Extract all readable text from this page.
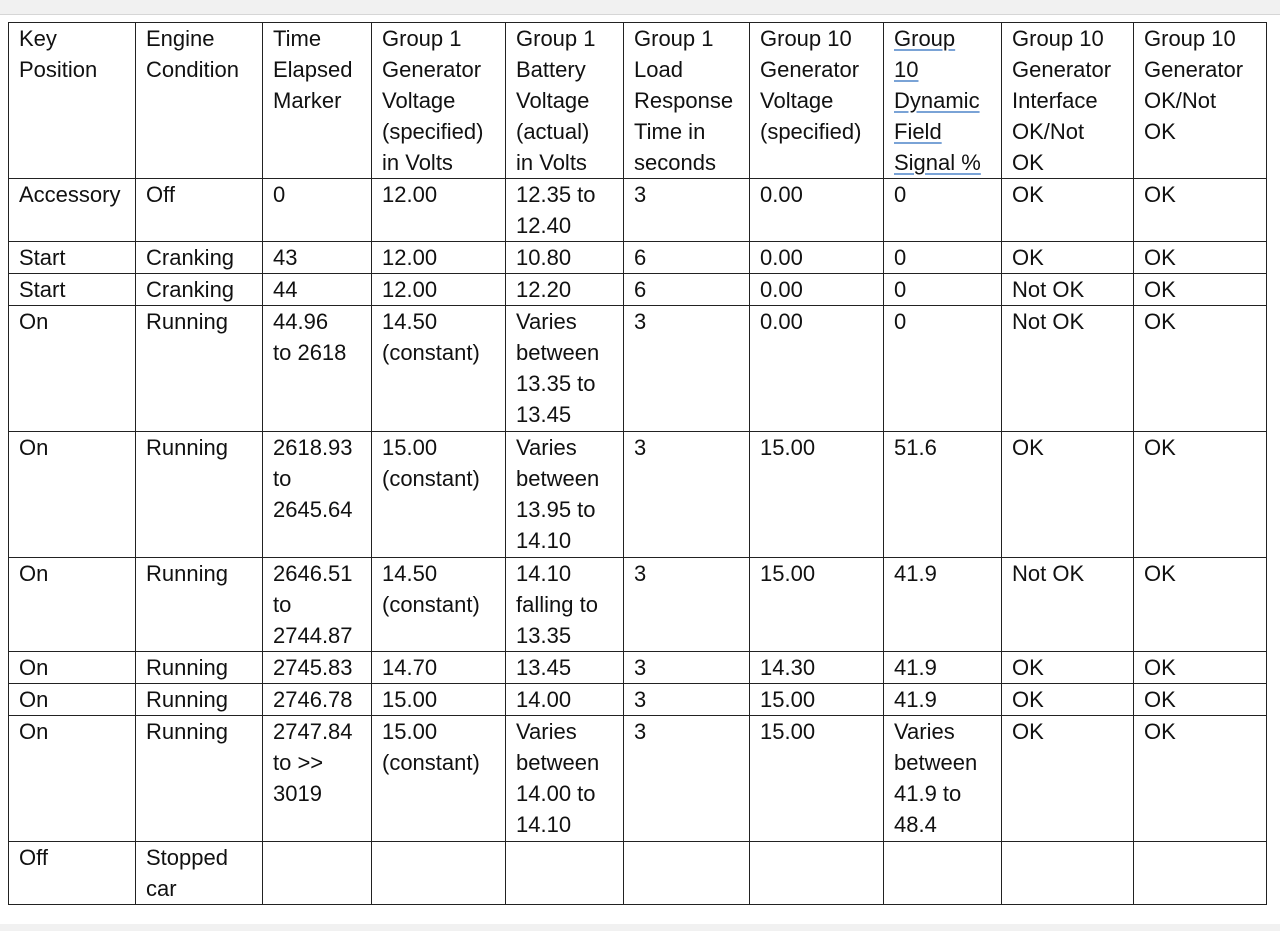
Key
Position	Engine
Condition	Time
Elapsed
Marker	Group 1
Generator
Voltage
(specified)
in Volts	Group 1
Battery
Voltage
(actual)
in Volts	Group 1
Load
Response
Time in
seconds	Group 10
Generator
Voltage
(specified)	Group
10
Dynamic
Field
Signal %	Group 10
Generator
Interface
OK/Not
OK	Group 10
Generator
OK/Not
OK
Accessory	Off	0	12.00	12.35 to
12.40	3	0.00	0	OK	OK
Start	Cranking	43	12.00	10.80	6	0.00	0	OK	OK
Start	Cranking	44	12.00	12.20	6	0.00	0	Not OK	OK
On	Running	44.96
to 2618	14.50
(constant)	Varies
between
13.35 to
13.45	3	0.00	0	Not OK	OK
On	Running	2618.93
to
2645.64	15.00
(constant)	Varies
between
13.95 to
14.10	3	15.00	51.6	OK	OK
On	Running	2646.51
to
2744.87	14.50
(constant)	14.10
falling to
13.35	3	15.00	41.9	Not OK	OK
On	Running	2745.83	14.70	13.45	3	14.30	41.9	OK	OK
On	Running	2746.78	15.00	14.00	3	15.00	41.9	OK	OK
On	Running	2747.84
to >>
3019	15.00
(constant)	Varies
between
14.00 to
14.10	3	15.00	Varies
between
41.9 to
48.4	OK	OK
Off	Stopped
car								
